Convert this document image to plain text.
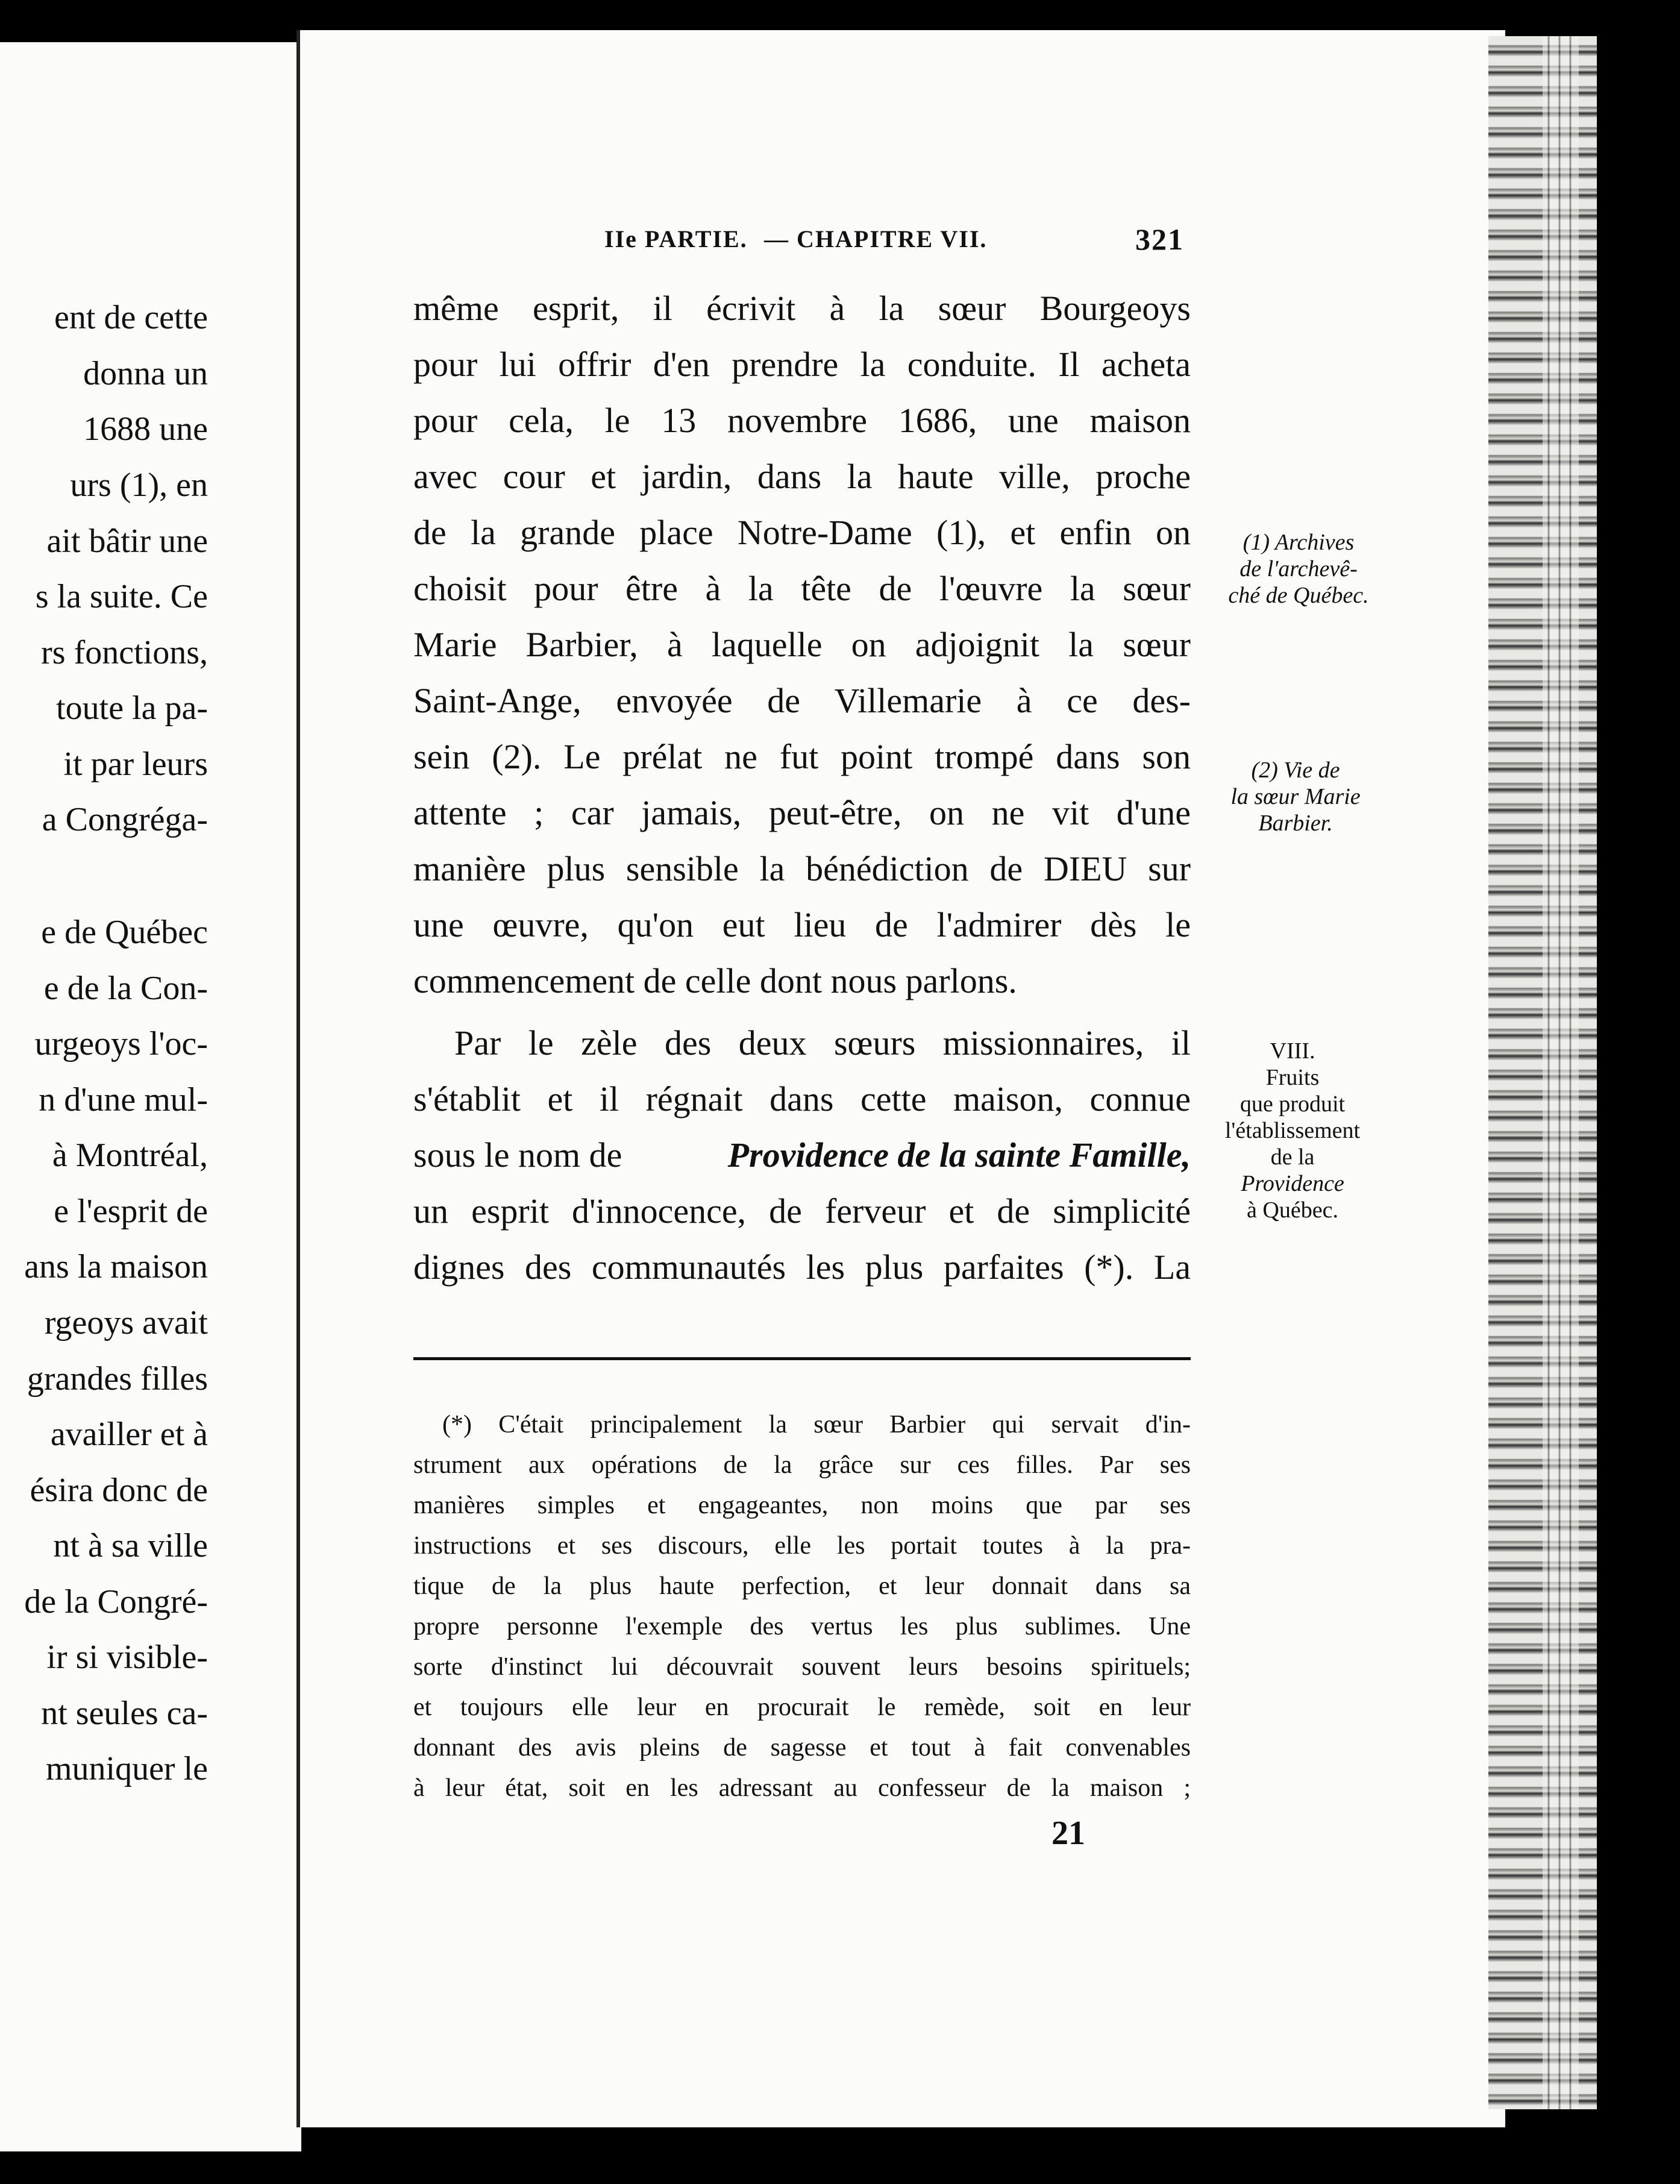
ent de cette
donna un
1688 une
urs (1), en
ait bâtir une
s la suite. Ce
rs fonctions,
toute la pa-
it par leurs
a Congréga-
e de Québec
e de la Con-
urgeoys l'oc-
n d'une mul-
à Montréal,
e l'esprit de
ans la maison
rgeoys avait
grandes filles
availler et à
ésira donc de
nt à sa ville
de la Congré-
ir si visible-
nt seules ca-
muniquer le
IIe PARTIE. — CHAPITRE VII.	321
même esprit, il écrivit à la sœur Bourgeoys
pour lui offrir d'en prendre la conduite. Il acheta
pour cela, le 13 novembre 1686, une maison
avec cour et jardin, dans la haute ville, proche
de la grande place Notre-Dame (1), et enfin on
choisit pour être à la tête de l'œuvre la sœur
Marie Barbier, à laquelle on adjoignit la sœur
Saint-Ange, envoyée de Villemarie à ce des-
sein (2). Le prélat ne fut point trompé dans son
attente ; car jamais, peut-être, on ne vit d'une
manière plus sensible la bénédiction de DIEU sur
une œuvre, qu'on eut lieu de l'admirer dès le
commencement de celle dont nous parlons.
Par le zèle des deux sœurs missionnaires, il
s'établit et il régnait dans cette maison, connue
sous le nom de	Providence de la sainte Famille,
un esprit d'innocence, de ferveur et de simplicité
dignes des communautés les plus parfaites (*). La
(1) Archives
de l'archevê-
ché de Québec.
(2) Vie de
la sœur Marie
Barbier.
VIII.
Fruits
que produit
l'établissement
de la
Providence
à Québec.
(*) C'était principalement la sœur Barbier qui servait d'in-
strument aux opérations de la grâce sur ces filles. Par ses
manières simples et engageantes, non moins que par ses
instructions et ses discours, elle les portait toutes à la pra-
tique de la plus haute perfection, et leur donnait dans sa
propre personne l'exemple des vertus les plus sublimes. Une
sorte d'instinct lui découvrait souvent leurs besoins spirituels;
et toujours elle leur en procurait le remède, soit en leur
donnant des avis pleins de sagesse et tout à fait convenables
à leur état, soit en les adressant au confesseur de la maison ;
21
